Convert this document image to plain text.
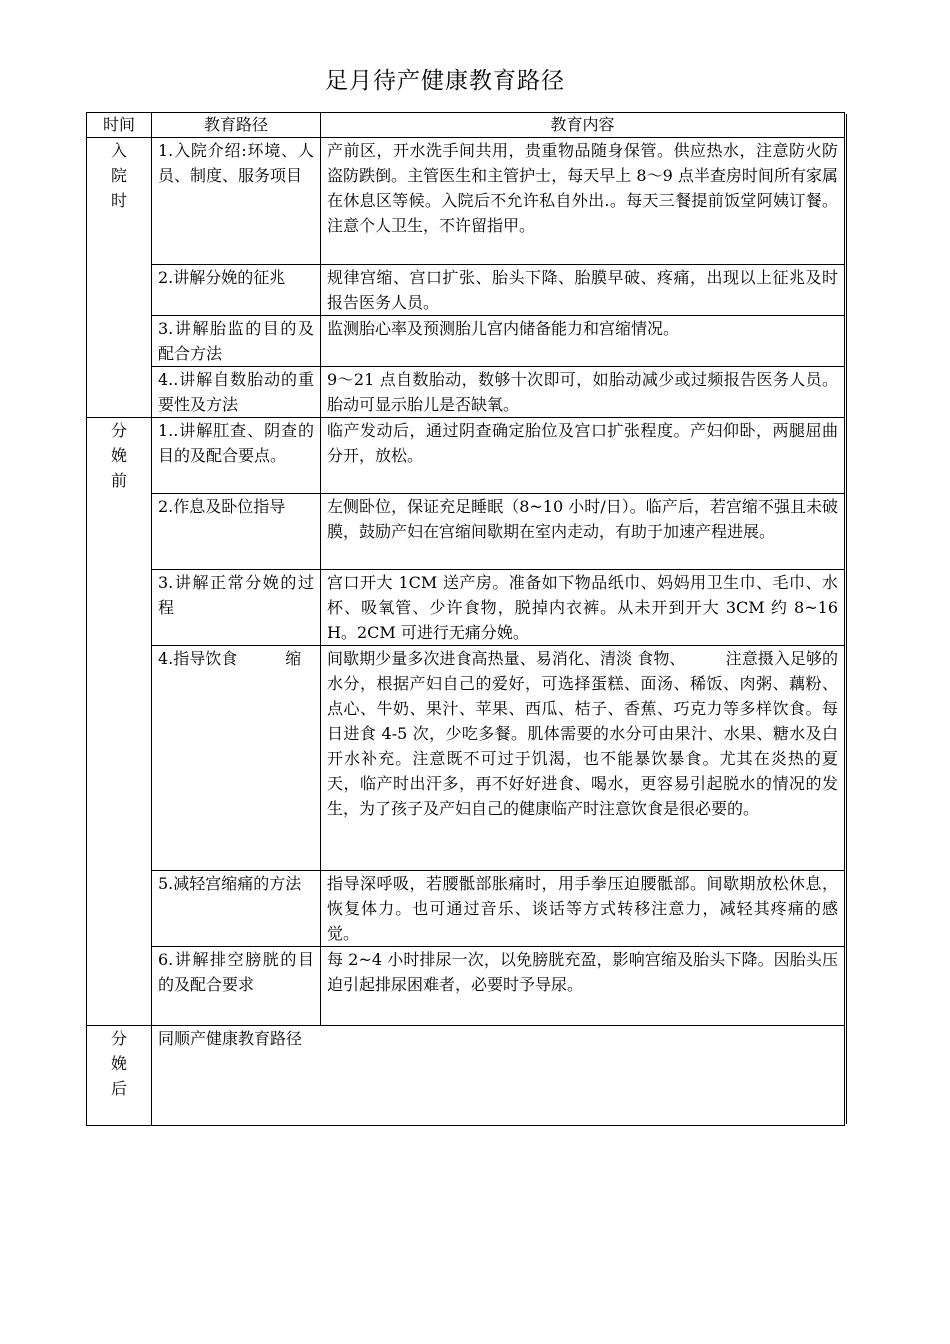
足月待产健康教育路径
时间	教育路径	教育内容

入院时	1.入院介绍:环境、人员、制度、服务项目	产前区，开水洗手间共用，贵重物品随身保管。供应热水，注意防火防盗防跌倒。主管医生和主管护士，每天早上 8～9 点半查房时间所有家属在休息区等候。入院后不允许私自外出.。每天三餐提前饭堂阿姨订餐。注意个人卫生，不许留指甲。
	2.讲解分娩的征兆	规律宫缩、宫口扩张、胎头下降、胎膜早破、疼痛，出现以上征兆及时报告医务人员。
	3.讲解胎监的目的及配合方法	监测胎心率及预测胎儿宫内储备能力和宫缩情况。
	4..讲解自数胎动的重要性及方法	9～21 点自数胎动，数够十次即可，如胎动减少或过频报告医务人员。胎动可显示胎儿是否缺氧。

分娩前	1..讲解肛查、阴查的目的及配合要点。	临产发动后，通过阴查确定胎位及宫口扩张程度。产妇仰卧，两腿屈曲分开，放松。
	2.作息及卧位指导	左侧卧位，保证充足睡眠（8~10 小时/日）。临产后，若宫缩不强且未破膜，鼓励产妇在宫缩间歇期在室内走动，有助于加速产程进展。
	3.讲解正常分娩的过程	宫口开大 1CM 送产房。准备如下物品纸巾、妈妈用卫生巾、毛巾、水杯、吸氧管、少许食物，脱掉内衣裤。从未开到开大 3CM 约 8~16H。2CM 可进行无痛分娩。
	4.指导饮食　　　缩	间歇期少量多次进食高热量、易消化、清淡 食物、　　　注意摄入足够的水分，根据产妇自己的爱好，可选择蛋糕、面汤、稀饭、肉粥、藕粉、点心、牛奶、果汁、苹果、西瓜、桔子、香蕉、巧克力等多样饮食。每日进食 4-5 次，少吃多餐。肌体需要的水分可由果汁、水果、糖水及白开水补充。注意既不可过于饥渴，也不能暴饮暴食。尤其在炎热的夏天，临产时出汗多，再不好好进食、喝水，更容易引起脱水的情况的发生，为了孩子及产妇自己的健康临产时注意饮食是很必要的。
	5.减轻宫缩痛的方法	指导深呼吸，若腰骶部胀痛时，用手拳压迫腰骶部。间歇期放松休息，恢复体力。也可通过音乐、谈话等方式转移注意力，减轻其疼痛的感觉。
	6.讲解排空膀胱的目的及配合要求	每 2~4 小时排尿一次，以免膀胱充盈，影响宫缩及胎头下降。因胎头压迫引起排尿困难者，必要时予导尿。

分娩后	同顺产健康教育路径	
